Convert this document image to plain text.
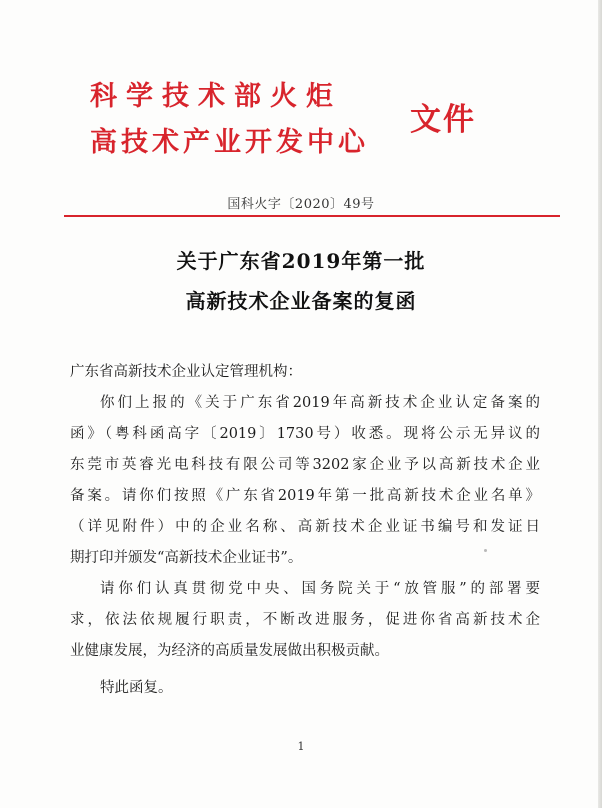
科学技术部火炬
高技术产业开发中心
文件
国科火字〔2020〕49号
关于广东省2019年第一批
高新技术企业备案的复函
广东省高新技术企业认定管理机构：
你们上报的《关于广东省2019年高新技术企业认定备案的
函》（粤科函高字〔2019〕1730号）收悉。现将公示无异议的
东莞市英睿光电科技有限公司等3202家企业予以高新技术企业
备案。请你们按照《广东省2019年第一批高新技术企业名单》
（详见附件）中的企业名称、高新技术企业证书编号和发证日
期打印并颁发“高新技术企业证书”。
请你们认真贯彻党中央、国务院关于“放管服”的部署要
求，依法依规履行职责，不断改进服务，促进你省高新技术企
业健康发展，为经济的高质量发展做出积极贡献。
特此函复。
1
